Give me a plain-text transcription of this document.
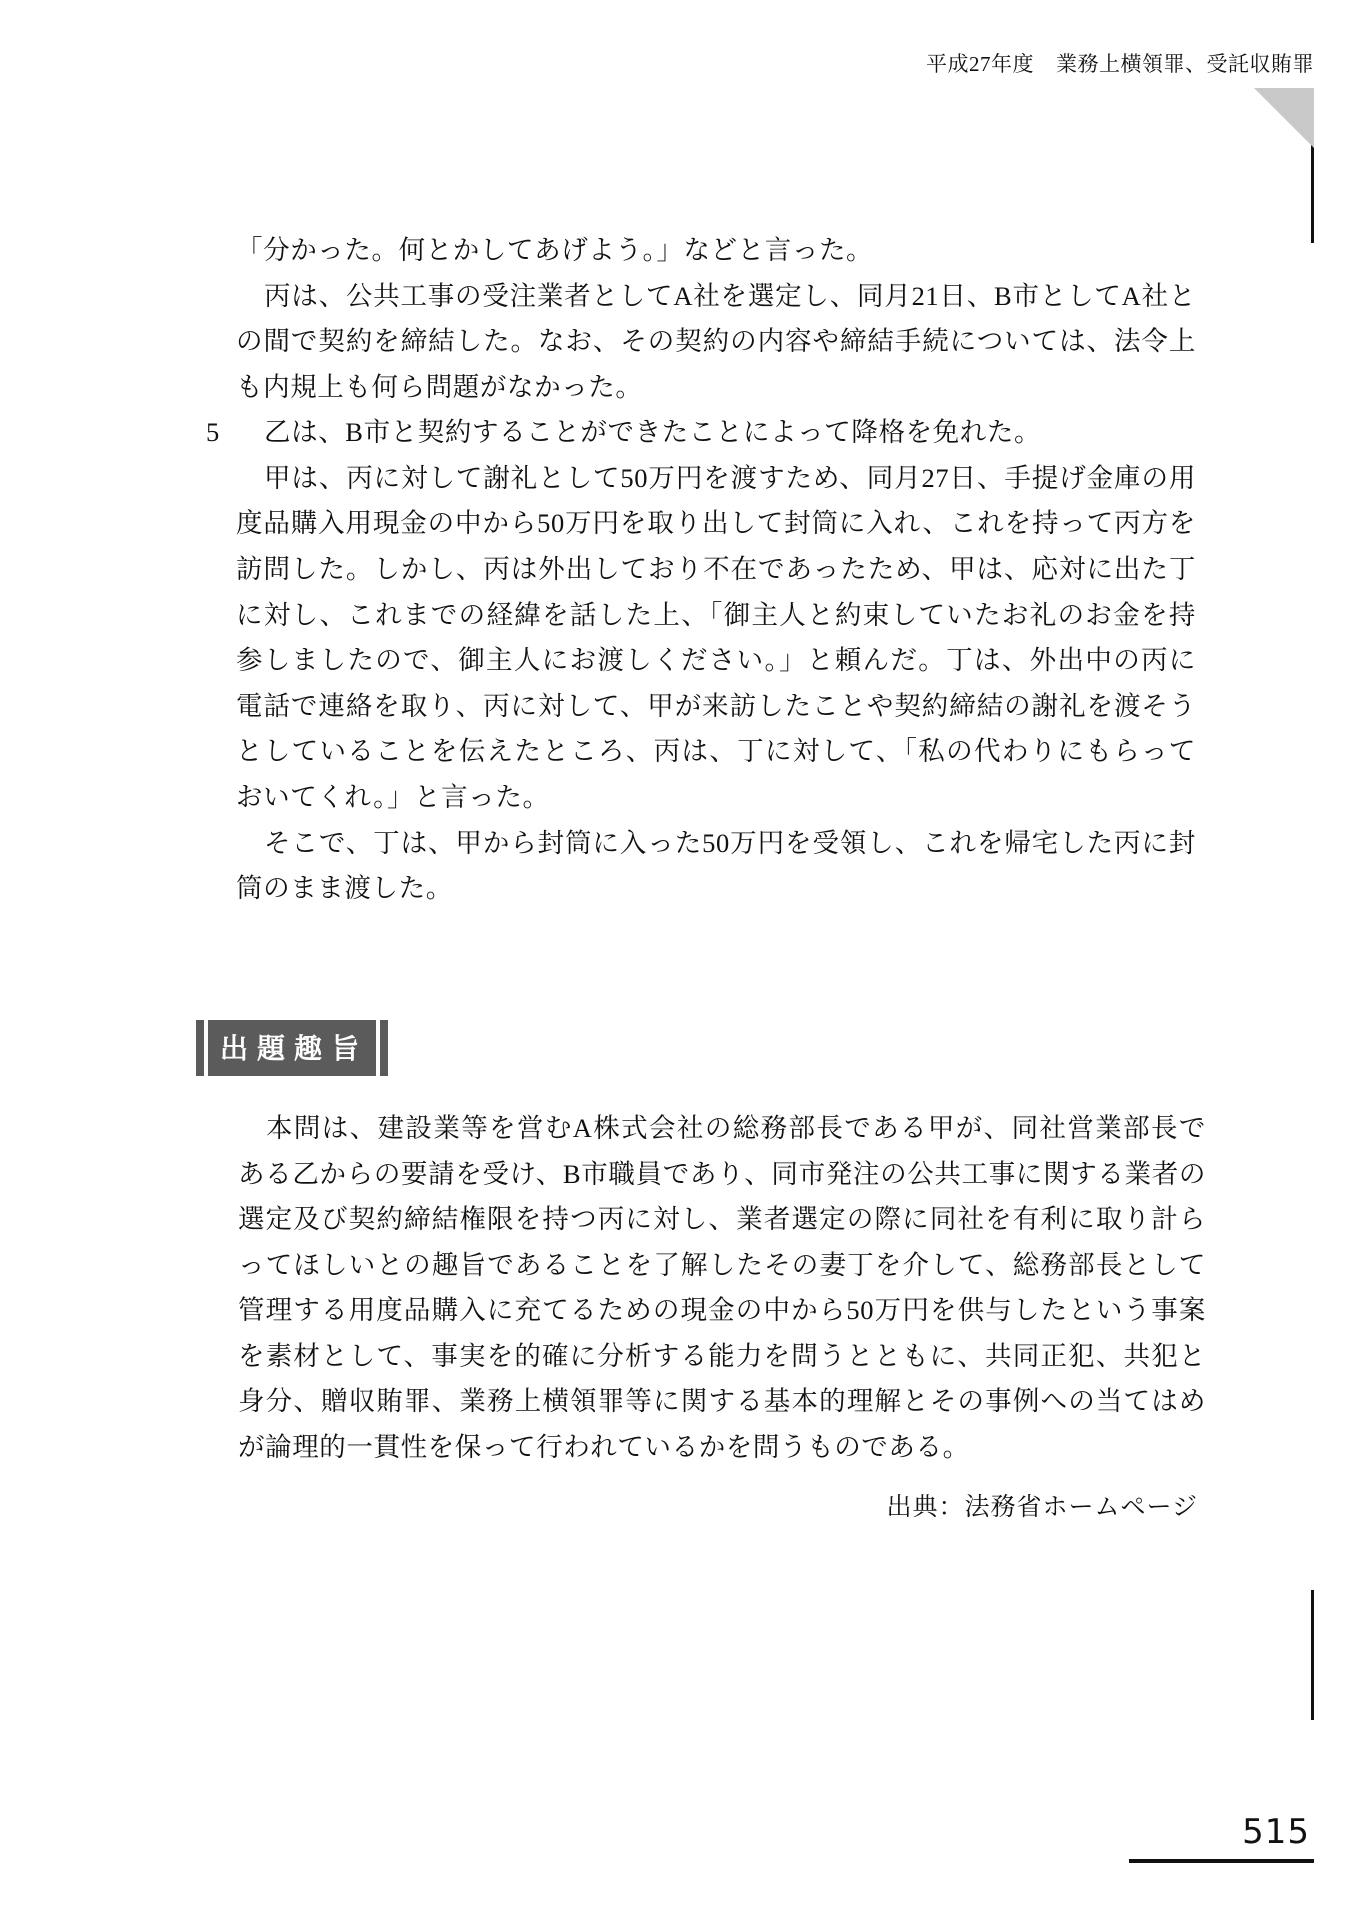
平成27年度 業務上横領罪、受託収賄罪

「分かった。何とかしてあげよう。」などと言った。

丙は、公共工事の受注業者としてA社を選定し、同月21日、B市としてA社との間で契約を締結した。なお、その契約の内容や締結手続については、法令上も内規上も何ら問題がなかった。

5	乙は、B市と契約することができたことによって降格を免れた。

甲は、丙に対して謝礼として50万円を渡すため、同月27日、手提げ金庫の用度品購入用現金の中から50万円を取り出して封筒に入れ、これを持って丙方を訪問した。しかし、丙は外出しており不在であったため、甲は、応対に出た丁に対し、これまでの経緯を話した上、「御主人と約束していたお礼のお金を持参しましたので、御主人にお渡しください。」と頼んだ。丁は、外出中の丙に電話で連絡を取り、丙に対して、甲が来訪したことや契約締結の謝礼を渡そうとしていることを伝えたところ、丙は、丁に対して、「私の代わりにもらっておいてくれ。」と言った。

そこで、丁は、甲から封筒に入った50万円を受領し、これを帰宅した丙に封筒のまま渡した。

出題趣旨

本問は、建設業等を営むA株式会社の総務部長である甲が、同社営業部長である乙からの要請を受け、B市職員であり、同市発注の公共工事に関する業者の選定及び契約締結権限を持つ丙に対し、業者選定の際に同社を有利に取り計らってほしいとの趣旨であることを了解したその妻丁を介して、総務部長として管理する用度品購入に充てるための現金の中から50万円を供与したという事案を素材として、事実を的確に分析する能力を問うとともに、共同正犯、共犯と身分、贈収賄罪、業務上横領罪等に関する基本的理解とその事例への当てはめが論理的一貫性を保って行われているかを問うものである。

出典：法務省ホームページ
515
